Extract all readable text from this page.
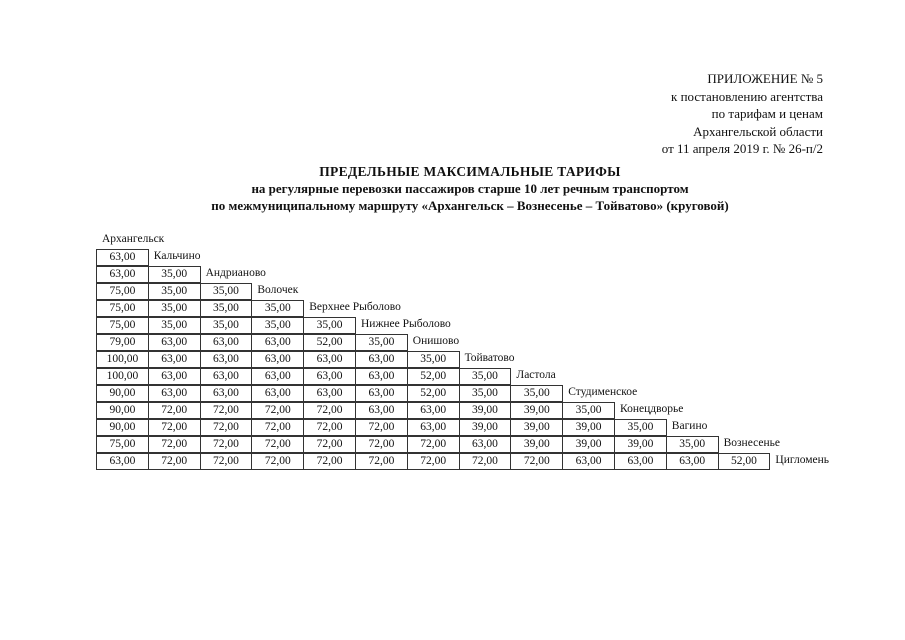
ПРИЛОЖЕНИЕ № 5
к постановлению агентства
по тарифам и ценам
Архангельской области
от 11 апреля 2019 г. № 26-п/2
ПРЕДЕЛЬНЫЕ МАКСИМАЛЬНЫЕ ТАРИФЫ
на регулярные перевозки пассажиров старше 10 лет речным транспортом
по межмуниципальному маршруту «Архангельск – Вознесенье – Тойватово» (круговой)
Архангельск
63,00	Кальчино
63,00	35,00	Андрианово
75,00	35,00	35,00	Волочек
75,00	35,00	35,00	35,00	Верхнее Рыболово
75,00	35,00	35,00	35,00	35,00	Нижнее Рыболово
79,00	63,00	63,00	63,00	52,00	35,00	Онишово
100,00	63,00	63,00	63,00	63,00	63,00	35,00	Тойватово
100,00	63,00	63,00	63,00	63,00	63,00	52,00	35,00	Ластола
90,00	63,00	63,00	63,00	63,00	63,00	52,00	35,00	35,00	Студименское
90,00	72,00	72,00	72,00	72,00	63,00	63,00	39,00	39,00	35,00	Конецдворье
90,00	72,00	72,00	72,00	72,00	72,00	63,00	39,00	39,00	39,00	35,00	Вагино
75,00	72,00	72,00	72,00	72,00	72,00	72,00	63,00	39,00	39,00	39,00	35,00	Вознесенье
63,00	72,00	72,00	72,00	72,00	72,00	72,00	72,00	72,00	63,00	63,00	63,00	52,00	Цигломень
